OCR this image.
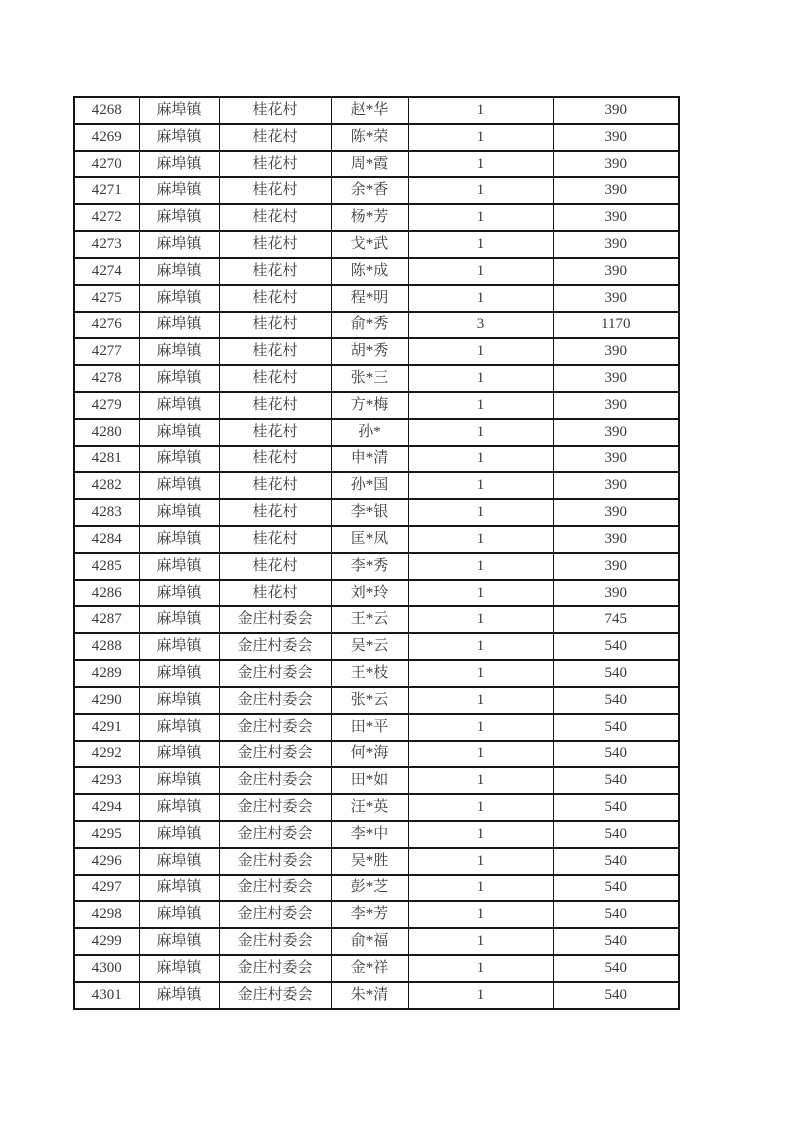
4268	麻埠镇	桂花村	赵*华	1	390
4269	麻埠镇	桂花村	陈*荣	1	390
4270	麻埠镇	桂花村	周*霞	1	390
4271	麻埠镇	桂花村	余*香	1	390
4272	麻埠镇	桂花村	杨*芳	1	390
4273	麻埠镇	桂花村	戈*武	1	390
4274	麻埠镇	桂花村	陈*成	1	390
4275	麻埠镇	桂花村	程*明	1	390
4276	麻埠镇	桂花村	俞*秀	3	1170
4277	麻埠镇	桂花村	胡*秀	1	390
4278	麻埠镇	桂花村	张*三	1	390
4279	麻埠镇	桂花村	方*梅	1	390
4280	麻埠镇	桂花村	孙*	1	390
4281	麻埠镇	桂花村	申*清	1	390
4282	麻埠镇	桂花村	孙*国	1	390
4283	麻埠镇	桂花村	李*银	1	390
4284	麻埠镇	桂花村	匡*凤	1	390
4285	麻埠镇	桂花村	李*秀	1	390
4286	麻埠镇	桂花村	刘*玲	1	390
4287	麻埠镇	金庄村委会	王*云	1	745
4288	麻埠镇	金庄村委会	吴*云	1	540
4289	麻埠镇	金庄村委会	王*枝	1	540
4290	麻埠镇	金庄村委会	张*云	1	540
4291	麻埠镇	金庄村委会	田*平	1	540
4292	麻埠镇	金庄村委会	何*海	1	540
4293	麻埠镇	金庄村委会	田*如	1	540
4294	麻埠镇	金庄村委会	汪*英	1	540
4295	麻埠镇	金庄村委会	李*中	1	540
4296	麻埠镇	金庄村委会	吴*胜	1	540
4297	麻埠镇	金庄村委会	彭*芝	1	540
4298	麻埠镇	金庄村委会	李*芳	1	540
4299	麻埠镇	金庄村委会	俞*福	1	540
4300	麻埠镇	金庄村委会	金*祥	1	540
4301	麻埠镇	金庄村委会	朱*清	1	540
